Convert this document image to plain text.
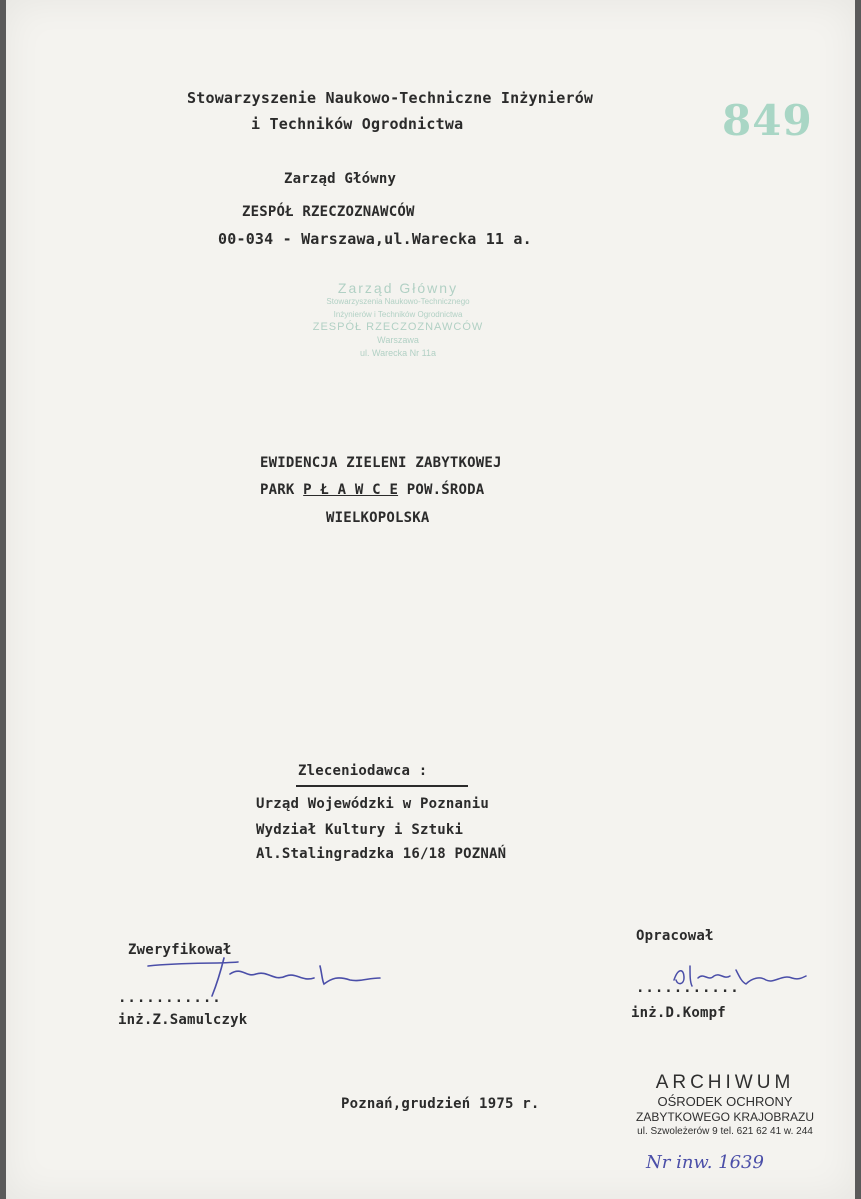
Stowarzyszenie Naukowo-Techniczne Inżynierów
i Techników Ogrodnictwa	849
Zarząd Główny
ZESPÓŁ RZECZOZNAWCÓW
00-034 - Warszawa,ul.Warecka 11 a.
Zarząd Główny
Stowarzyszenia Naukowo-Technicznego
Inżynierów i Techników Ogrodnictwa
ZESPÓŁ RZECZOZNAWCÓW
Warszawa
ul. Warecka Nr 11a
EWIDENCJA ZIELENI ZABYTKOWEJ
PARK P Ł A W C E POW.ŚRODA
WIELKOPOLSKA
Zleceniodawca :
Urząd Wojewódzki w Poznaniu
Wydział Kultury i Sztuki
Al.Stalingradzka 16/18 POZNAŃ
Zweryfikował
...........
inż.Z.Samulczyk
Opracował
...........
inż.D.Kompf
Poznań,grudzień 1975 r.
ARCHIWUM
OŚRODEK OCHRONY
ZABYTKOWEGO KRAJOBRAZU
ul. Szwoleżerów 9 tel. 621 62 41 w. 244
Nr inw. 1639
